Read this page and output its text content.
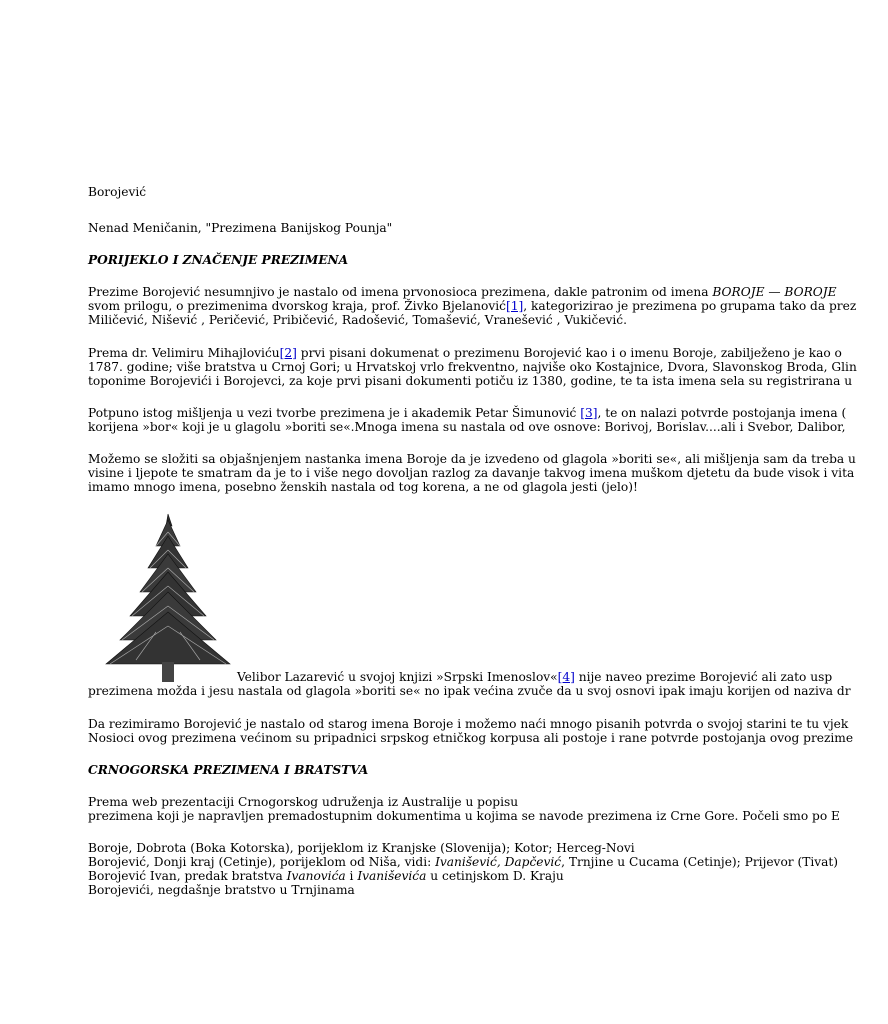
Borojević
Nenad Meničanin, "Prezimena Banijskog Pounja"
PORIJEKLO I ZNAČENJE PREZIMENA
Prezime Borojević nesumnjivo je nastalo od imena prvonosioca prezimena, dakle patronim od imena BOROJE — BOROJE
svom prilogu, o prezimenima dvorskog kraja, prof. Živko Bjelanović[1], kategorizirao je prezimena po grupama tako da prez
Miličević, Nišević , Peričević, Pribičević, Radošević, Tomašević, Vranešević , Vukičević.
Prema dr. Velimiru Mihajloviću[2] prvi pisani dokumenat o prezimenu Borojević kao i o imenu Boroje, zabilježeno je kao o
1787. godine; više bratstva u Crnoj Gori; u Hrvatskoj vrlo frekventno, najviše oko Kostajnice, Dvora, Slavonskog Broda, Glin
toponime Borojevići i Borojevci, za koje prvi pisani dokumenti potiču iz 1380, godine, te ta ista imena sela su registrirana u
Potpuno istog mišljenja u vezi tvorbe prezimena je i akademik Petar Šimunović [3], te on nalazi potvrde postojanja imena (
korijena »bor« koji je u glagolu »boriti se«.Mnoga imena su nastala od ove osnove: Borivoj, Borislav....ali i Svebor, Dalibor,
Možemo se složiti sa objašnjenjem nastanka imena Boroje da je izvedeno od glagola »boriti se«, ali mišljenja sam da treba u
visine i ljepote te smatram da je to i više nego dovoljan razlog za davanje takvog imena muškom djetetu da bude visok i vita
imamo mnogo imena, posebno ženskih nastala od tog korena, a ne od glagola jesti (jelo)!
Velibor Lazarević u svojoj knjizi »Srpski Imenoslov«[4] nije naveo prezime Borojević ali zato usp
prezimena možda i jesu nastala od glagola »boriti se« no ipak većina zvuče da u svoj osnovi ipak imaju korijen od naziva dr
Da rezimiramo Borojević je nastalo od starog imena Boroje i možemo naći mnogo pisanih potvrda o svojoj starini te tu vjek
Nosioci ovog prezimena većinom su pripadnici srpskog etničkog korpusa ali postoje i rane potvrde postojanja ovog prezime
CRNOGORSKA PREZIMENA I BRATSTVA
Prema web prezentaciji Crnogorskog udruženja iz Australije u popisu
prezimena koji je napravljen premadostupnim dokumentima u kojima se navode prezimena iz Crne Gore. Počeli smo po E
Boroje, Dobrota (Boka Kotorska), porijeklom iz Kranjske (Slovenija); Kotor; Herceg-Novi
Borojević, Donji kraj (Cetinje), porijeklom od Niša, vidi: Ivanišević, Dapčević, Trnjine u Cucama (Cetinje); Prijevor (Tivat)
Borojević Ivan, predak bratstva Ivanovića i Ivaniševića u cetinjskom D. Kraju
Borojevići, negdašnje bratstvo u Trnjinama
